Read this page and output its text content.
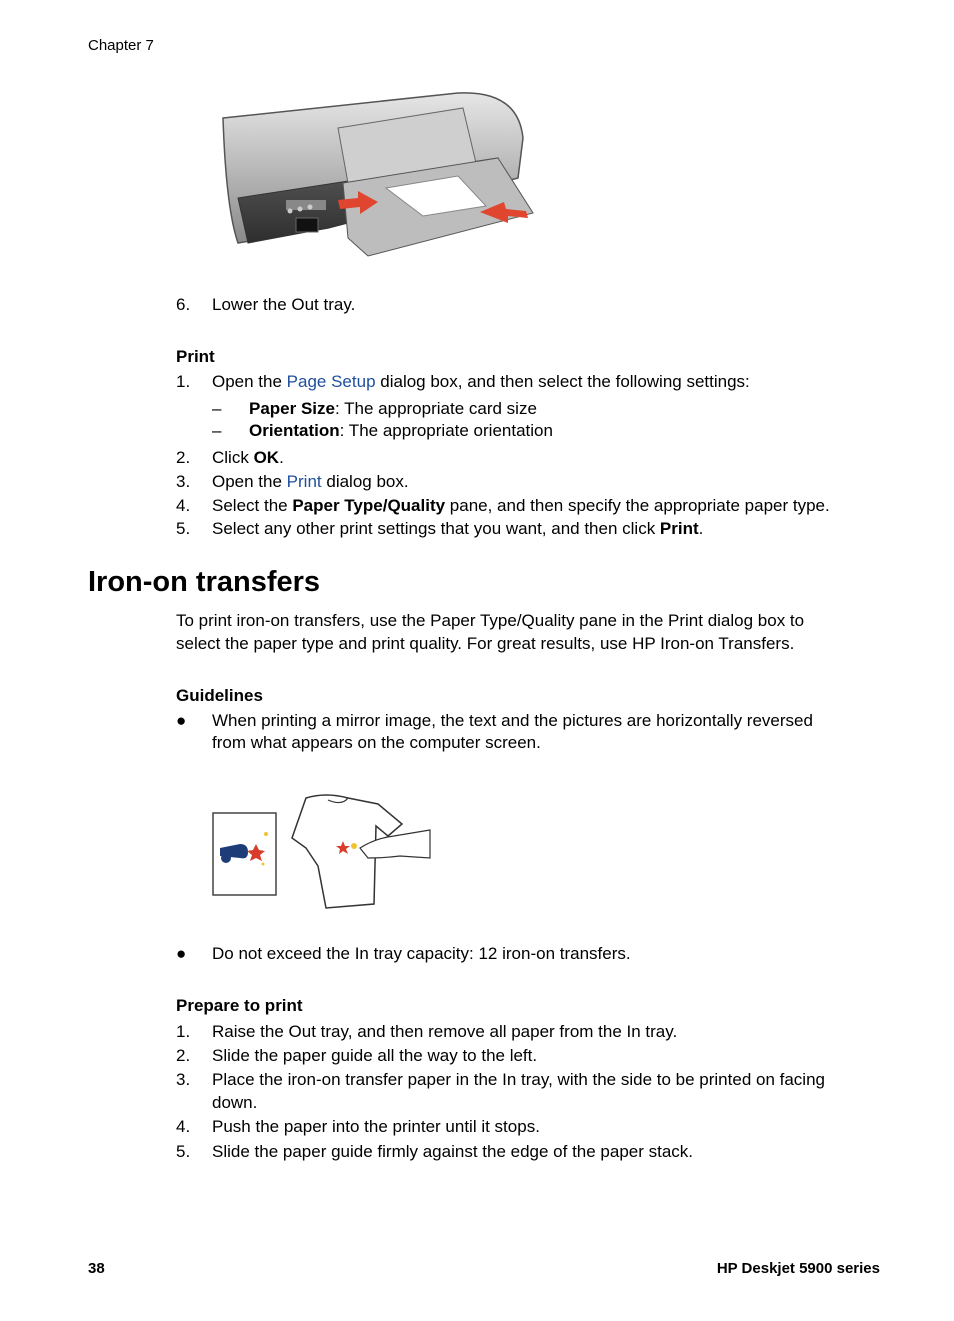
Chapter 7
6. Lower the Out tray.
Print
1. Open the Page Setup dialog box, and then select the following settings:
– Paper Size: The appropriate card size
– Orientation: The appropriate orientation
2. Click OK.
3. Open the Print dialog box.
4. Select the Paper Type/Quality pane, and then specify the appropriate paper type.
5. Select any other print settings that you want, and then click Print.
Iron-on transfers
To print iron-on transfers, use the Paper Type/Quality pane in the Print dialog box to
select the paper type and print quality. For great results, use HP Iron-on Transfers.
Guidelines
● When printing a mirror image, the text and the pictures are horizontally reversed
from what appears on the computer screen.
● Do not exceed the In tray capacity: 12 iron-on transfers.
Prepare to print
1. Raise the Out tray, and then remove all paper from the In tray.
2. Slide the paper guide all the way to the left.
3. Place the iron-on transfer paper in the In tray, with the side to be printed on facing
down.
4. Push the paper into the printer until it stops.
5. Slide the paper guide firmly against the edge of the paper stack.
38	HP Deskjet 5900 series
